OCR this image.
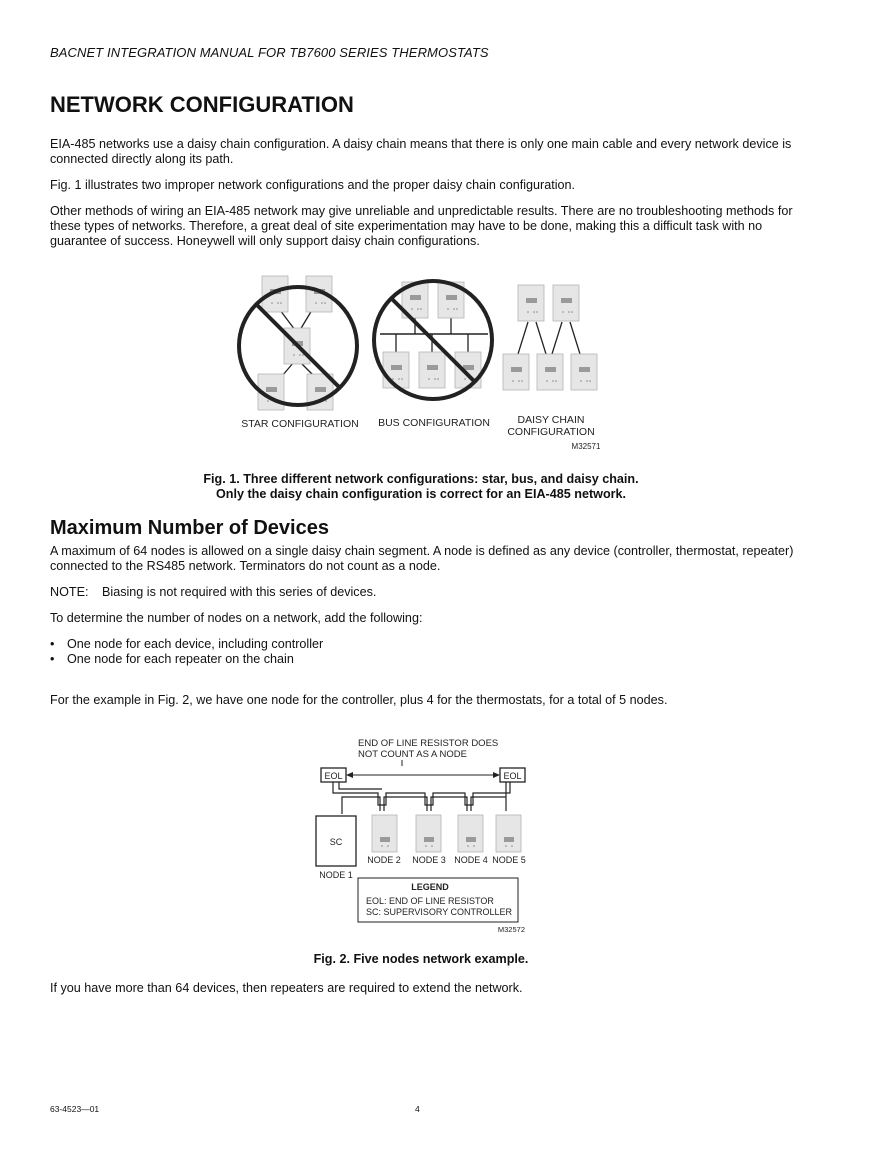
BACNET INTEGRATION MANUAL FOR TB7600 SERIES THERMOSTATS
NETWORK CONFIGURATION

EIA-485 networks use a daisy chain configuration. A daisy chain means that there is only one main cable and every network device is connected directly along its path.

Fig. 1 illustrates two improper network configurations and the proper daisy chain configuration.

Other methods of wiring an EIA-485 network may give unreliable and unpredictable results. There are no troubleshooting methods for these types of networks. Therefore, a great deal of site experimentation may have to be done, making this a difficult task with no guarantee of success. Honeywell will only support daisy chain configurations.

STAR CONFIGURATION BUS CONFIGURATION	DAISY CHAIN
CONFIGURATION
M32571
Fig. 1. Three different network configurations: star, bus, and daisy chain.
Only the daisy chain configuration is correct for an EIA-485 network.
Maximum Number of Devices

A maximum of 64 nodes is allowed on a single daisy chain segment. A node is defined as any device (controller, thermostat, repeater) connected to the RS485 network. Terminators do not count as a node.

NOTE: Biasing is not required with this series of devices.

To determine the number of nodes on a network, add the following:

• One node for each device, including controller
• One node for each repeater on the chain

For the example in Fig. 2, we have one node for the controller, plus 4 for the thermostats, for a total of 5 nodes.

END OF LINE RESISTOR DOES
NOT COUNT AS A NODE
EOL	EOL
SC
NODE 1
NODE 2 NODE 3 NODE 4 NODE 5
LEGEND
EOL: END OF LINE RESISTOR
SC: SUPERVISORY CONTROLLER
M32572
Fig. 2. Five nodes network example.

If you have more than 64 devices, then repeaters are required to extend the network.

63-4523—01	4
